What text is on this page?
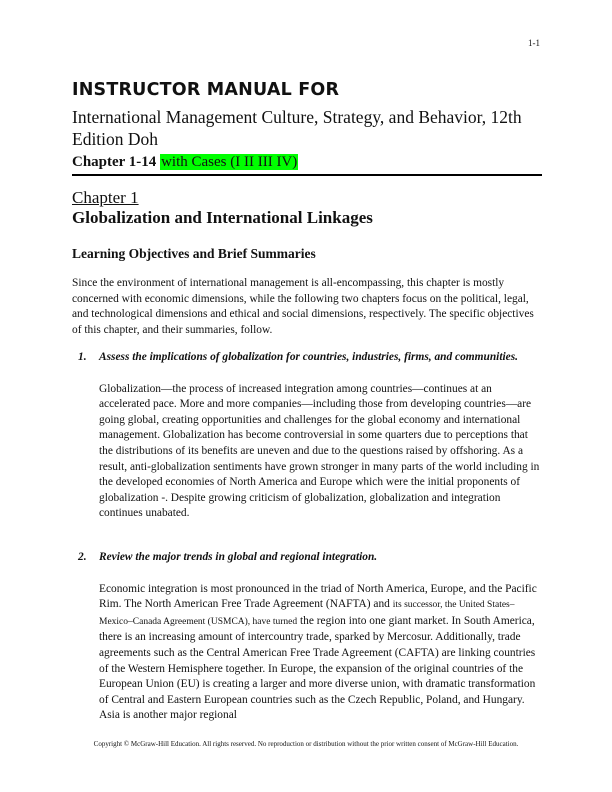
1-1
INSTRUCTOR MANUAL FOR
International Management Culture, Strategy, and Behavior, 12th Edition Doh
Chapter 1-14 with Cases (I II III IV)
Chapter 1
Globalization and International Linkages
Learning Objectives and Brief Summaries

Since the environment of international management is all-encompassing, this chapter is mostly concerned with economic dimensions, while the following two chapters focus on the political, legal, and technological dimensions and ethical and social dimensions, respectively. The specific objectives of this chapter, and their summaries, follow.

1. Assess the implications of globalization for countries, industries, firms, and communities.
Globalization—the process of increased integration among countries—continues at an accelerated pace. More and more companies—including those from developing countries—are going global, creating opportunities and challenges for the global economy and international management. Globalization has become controversial in some quarters due to perceptions that the distributions of its benefits are uneven and due to the questions raised by offshoring. As a result, anti-globalization sentiments have grown stronger in many parts of the world including in the developed economies of North America and Europe which were the initial proponents of globalization -. Despite growing criticism of globalization, globalization and integration continues unabated.
2. Review the major trends in global and regional integration.
Economic integration is most pronounced in the triad of North America, Europe, and the Pacific Rim. The North American Free Trade Agreement (NAFTA) and its successor, the United States–Mexico–Canada Agreement (USMCA), have turned the region into one giant market. In South America, there is an increasing amount of intercountry trade, sparked by Mercosur. Additionally, trade agreements such as the Central American Free Trade Agreement (CAFTA) are linking countries of the Western Hemisphere together. In Europe, the expansion of the original countries of the European Union (EU) is creating a larger and more diverse union, with dramatic transformation of Central and Eastern European countries such as the Czech Republic, Poland, and Hungary. Asia is another major regional
Copyright © McGraw-Hill Education. All rights reserved. No reproduction or distribution without the prior written consent of McGraw-Hill Education.
